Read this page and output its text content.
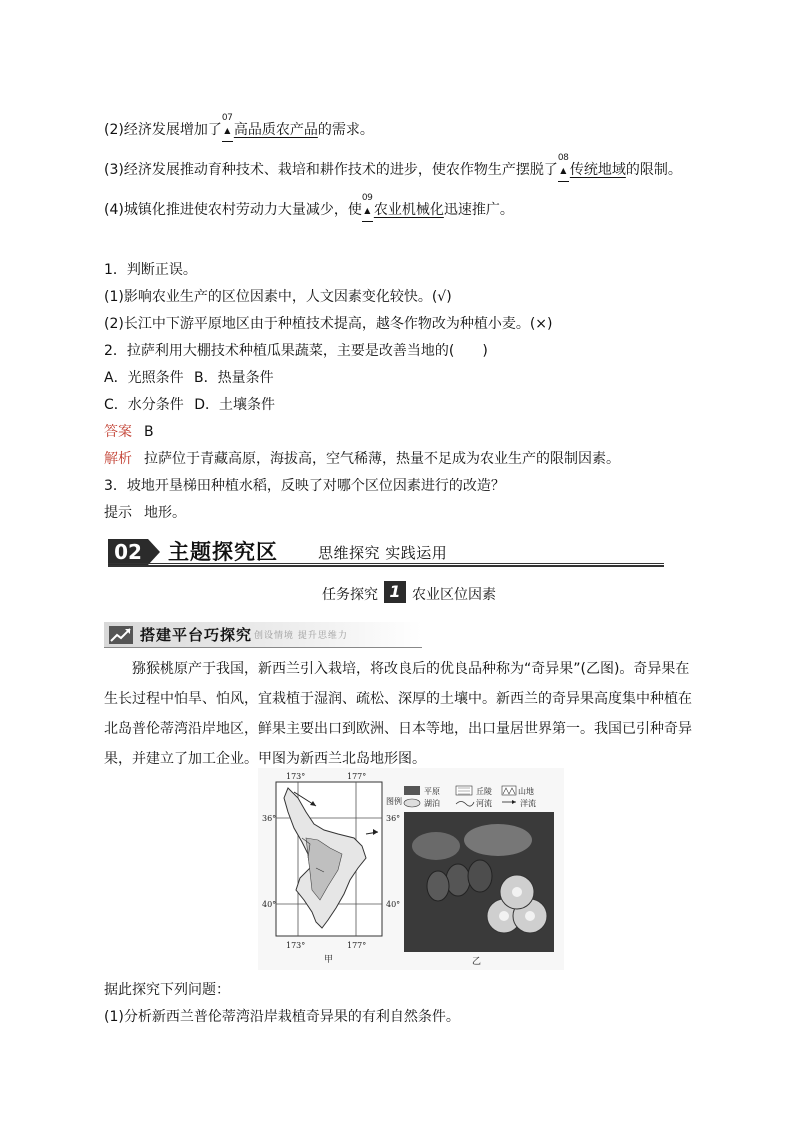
(2)经济发展增加了
07
▲ 高品质农产品的需求。
(3)经济发展推动育种技术、栽培和耕作技术的进步，使农作物生产摆脱了
08
▲ 传统地域的限制。
(4)城镇化推进使农村劳动力大量减少，使
09
▲ 农业机械化迅速推广。
1．判断正误。
(1)影响农业生产的区位因素中，人文因素变化较快。(√)
(2)长江中下游平原地区由于种植技术提高，越冬作物改为种植小麦。(×)
2．拉萨利用大棚技术种植瓜果蔬菜，主要是改善当地的(　　)
A．光照条件 B．热量条件
C．水分条件 D．土壤条件
答案 B
解析 拉萨位于青藏高原，海拔高，空气稀薄，热量不足成为农业生产的限制因素。
3．坡地开垦梯田种植水稻，反映了对哪个区位因素进行的改造？
提示 地形。
02 主题探究区	思维探究 实践运用
任务探究 1 农业区位因素
搭建平台巧探究 创设情境 提升思维力
猕猴桃原产于我国，新西兰引入栽培，将改良后的优良品种称为“奇异果”(乙图)。奇异果在生长过程中怕旱、怕风，宜栽植于湿润、疏松、深厚的土壤中。新西兰的奇异果高度集中种植在北岛普伦蒂湾沿岸地区，鲜果主要出口到欧洲、日本等地，出口量居世界第一。我国已引种奇异果，并建立了加工企业。甲图为新西兰北岛地形图。
173°	177°
36°
40°
173°	177°
36°
40°
甲
图例
平原	丘陵	山地
湖泊	河流	洋流
乙
据此探究下列问题：
(1)分析新西兰普伦蒂湾沿岸栽植奇异果的有利自然条件。
